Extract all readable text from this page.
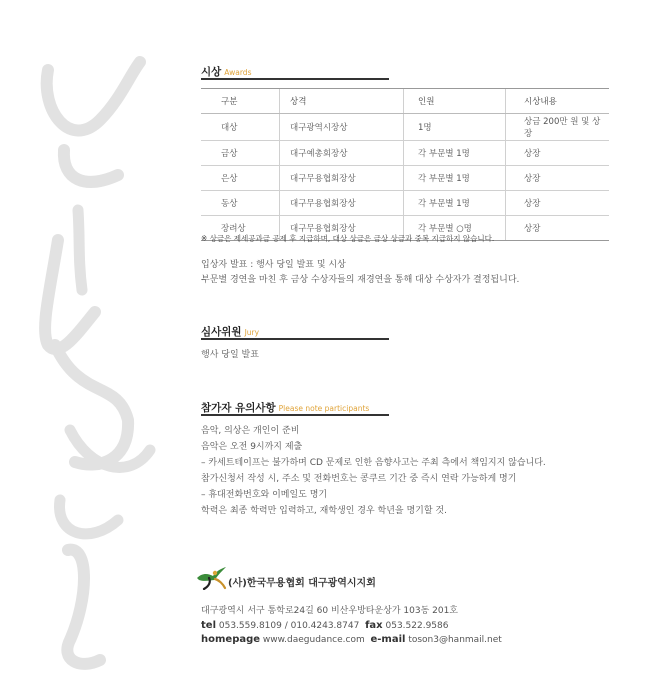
시상 Awards
구분	상격	인원	시상내용
대상	대구광역시장상	1명	상금 200만 원 및 상장
금상	대구예총회장상	각 부문별 1명	상장
은상	대구무용협회장상	각 부문별 1명	상장
동상	대구무용협회장상	각 부문별 1명	상장
장려상	대구무용협회장상	각 부문별 ○명	상장
※ 상금은 제세공과금 공제 후 지급하며, 대상 상금은 금상 상금과 중복 지급하지 않습니다.
입상자 발표 : 행사 당일 발표 및 시상
부문별 경연을 마친 후 금상 수상자들의 재경연을 통해 대상 수상자가 결정됩니다.
심사위원 Jury
행사 당일 발표
참가자 유의사항 Please note participants
음악, 의상은 개인이 준비
음악은 오전 9시까지 제출
– 카세트테이프는 불가하며 CD 문제로 인한 음향사고는 주최 측에서 책임지지 않습니다.
참가신청서 작성 시, 주소 및 전화번호는 콩쿠르 기간 중 즉시 연락 가능하게 명기
– 휴대전화번호와 이메일도 명기
학력은 최종 학력만 입력하고, 재학생인 경우 학년을 명기할 것.
(사)한국무용협회 대구광역시지회
대구광역시 서구 통학로24길 60 비산우방타운상가 103동 201호
tel 053.559.8109 / 010.4243.8747 fax 053.522.9586
homepage www.daegudance.com e-mail toson3@hanmail.net
